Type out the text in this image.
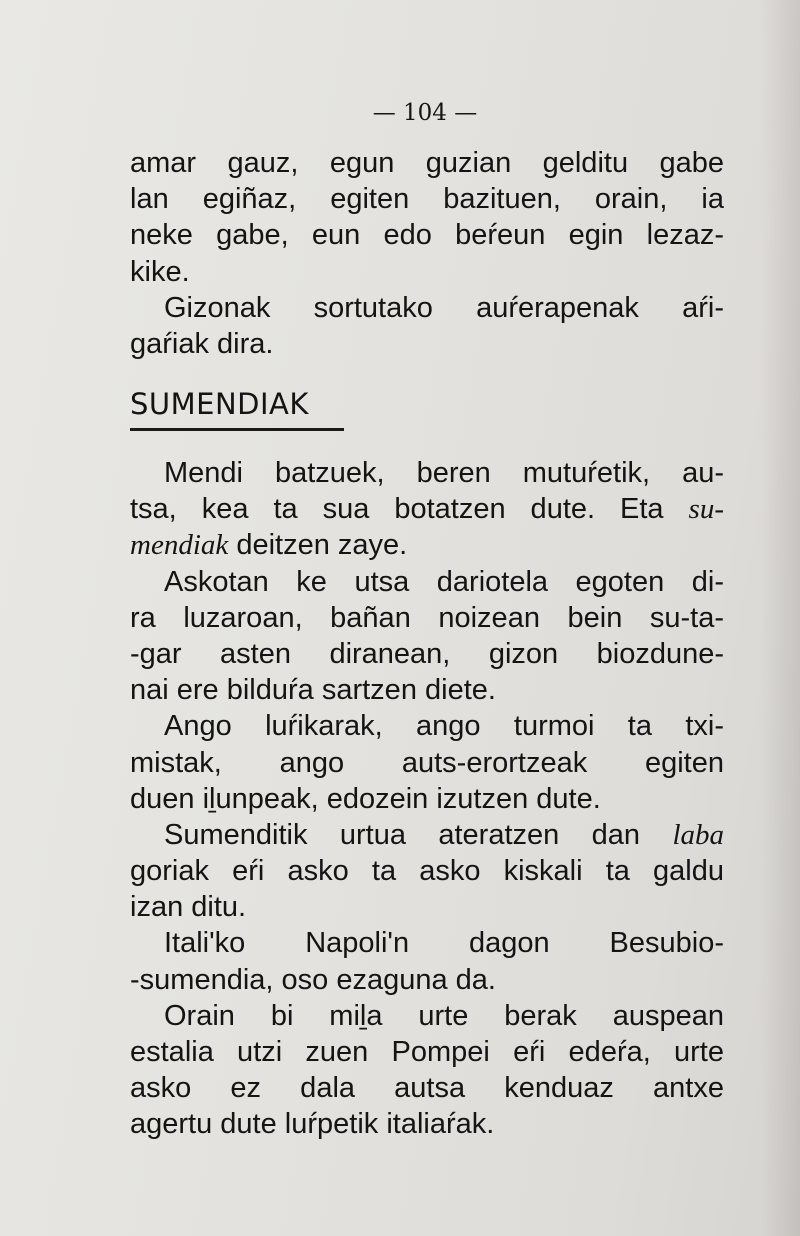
— 104 —

amar gauz, egun guzian gelditu gabe
lan egiñaz, egiten bazituen, orain, ia
neke gabe, eun edo beŕeun egin lezaz-
kike.
Gizonak sortutako auŕerapenak aŕi-
gaŕiak dira.
SUMENDIAK
Mendi batzuek, beren mutuŕetik, au-
tsa, kea ta sua botatzen dute. Eta su-
mendiak deitzen zaye.
Askotan ke utsa dariotela egoten di-
ra luzaroan, bañan noizean bein su-ta-
-gar asten diranean, gizon biozdune-
nai ere bilduŕa sartzen diete.
Ango luŕikarak, ango turmoi ta txi-
mistak, ango auts-erortzeak egiten
duen iḻunpeak, edozein izutzen dute.
Sumenditik urtua ateratzen dan laba
goriak eŕi asko ta asko kiskali ta galdu
izan ditu.
Itali'ko Napoli'n dagon Besubio-
-sumendia, oso ezaguna da.
Orain bi miḻa urte berak auspean
estalia utzi zuen Pompei eŕi edeŕa, urte
asko ez dala autsa kenduaz antxe
agertu dute luŕpetik italiaŕak.
